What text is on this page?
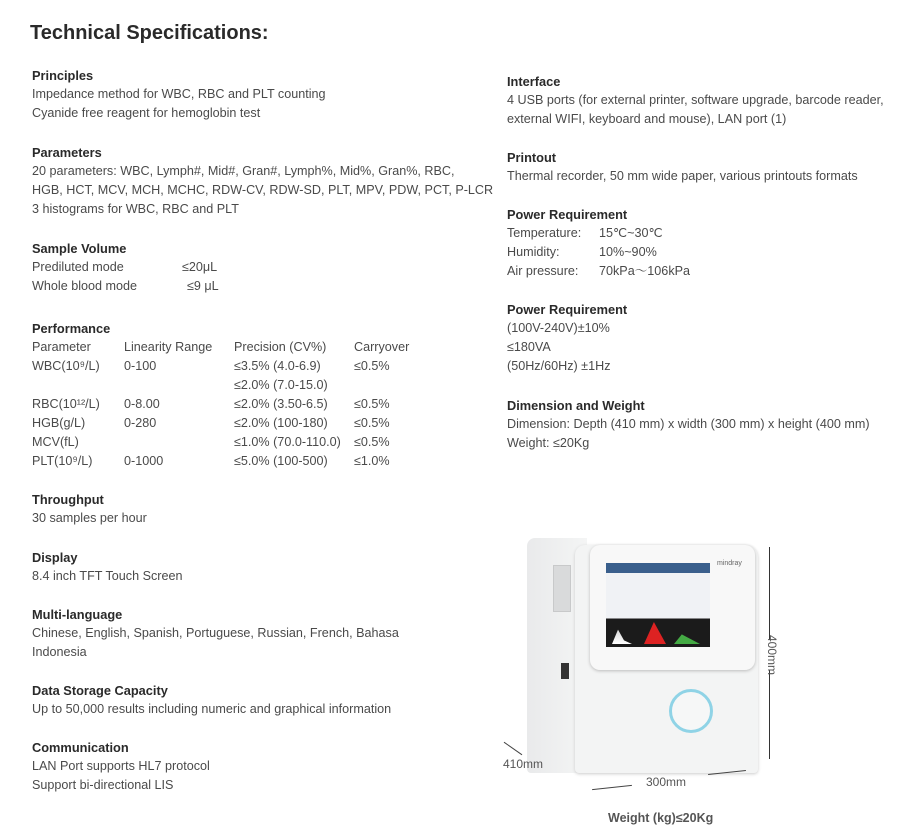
Technical Specifications:
Principles

Impedance method for WBC, RBC and PLT counting

Cyanide free reagent for hemoglobin test

Parameters

20 parameters: WBC, Lymph#, Mid#, Gran#, Lymph%, Mid%, Gran%, RBC,

HGB, HCT, MCV, MCH, MCHC, RDW-CV, RDW-SD, PLT, MPV, PDW, PCT, P-LCR

3 histograms for WBC, RBC and PLT

Sample Volume

Prediluted mode	≤20μL

Whole blood mode	≤9 μL

Performance
Parameter	Linearity Range	Precision (CV%)	Carryover
WBC(10⁹/L)	0-100	≤3.5% (4.0-6.9)	≤0.5%
		≤2.0% (7.0-15.0)	
RBC(10¹²/L)	0-8.00	≤2.0% (3.50-6.5)	≤0.5%
HGB(g/L)	0-280	≤2.0% (100-180)	≤0.5%
MCV(fL)		≤1.0% (70.0-110.0)	≤0.5%
PLT(10⁹/L)	0-1000	≤5.0% (100-500)	≤1.0%
Throughput

30 samples per hour

Display

8.4 inch TFT Touch Screen

Multi-language

Chinese, English, Spanish, Portuguese, Russian, French, Bahasa

Indonesia

Data Storage Capacity

Up to 50,000 results including numeric and graphical information

Communication

LAN Port supports HL7 protocol

Support bi-directional LIS

Interface

4 USB ports (for external printer, software upgrade, barcode reader,

external WIFI, keyboard and mouse), LAN port (1)

Printout

Thermal recorder, 50 mm wide paper, various printouts formats

Power Requirement

Temperature: 15℃~30℃

Humidity:	10%~90%

Air pressure: 70kPa～106kPa

Power Requirement

(100V-240V)±10%

≤180VA

(50Hz/60Hz) ±1Hz

Dimension and Weight

Dimension: Depth (410 mm) x width (300 mm) x height (400 mm)

Weight: ≤20Kg

mindray
400mm
410mm
300mm
Weight (kg)≤20Kg
